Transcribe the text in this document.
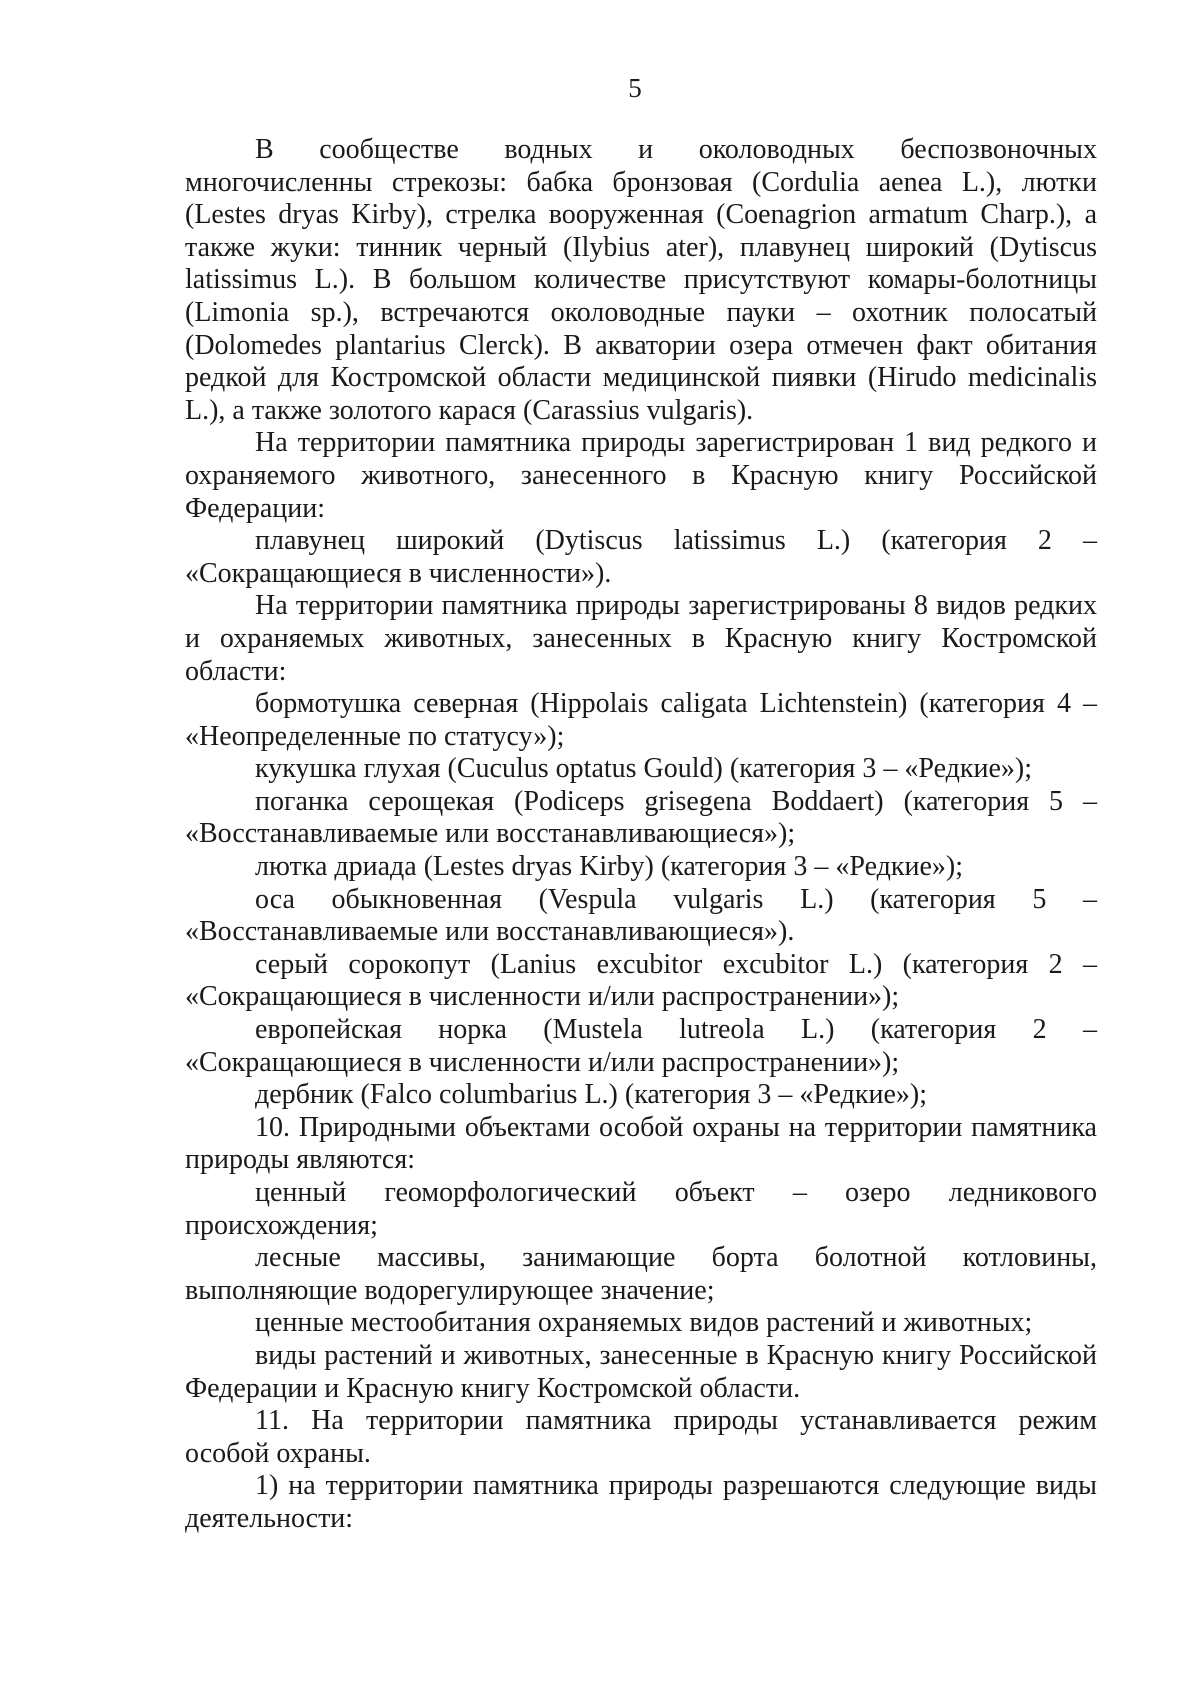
5

В сообществе водных и околоводных беспозвоночных многочисленны стрекозы: бабка бронзовая (Cordulia aenea L.), лютки (Lestes dryas Kirby), стрелка вооруженная (Coenagrion armatum Charp.), а также жуки: тинник черный (Ilybius ater), плавунец широкий (Dytiscus latissimus L.). В большом количестве присутствуют комары-болотницы (Limonia sp.), встречаются околоводные пауки – охотник полосатый (Dolomedes plantarius Clerck). В акватории озера отмечен факт обитания редкой для Костромской области медицинской пиявки (Hirudo medicinalis L.), а также золотого карася (Carassius vulgaris).

На территории памятника природы зарегистрирован 1 вид редкого и охраняемого животного, занесенного в Красную книгу Российской Федерации:

плавунец широкий (Dytiscus latissimus L.) (категория 2 – «Сокращающиеся в численности»).

На территории памятника природы зарегистрированы 8 видов редких и охраняемых животных, занесенных в Красную книгу Костромской области:

бормотушка северная (Hippolais caligata Lichtenstein) (категория 4 – «Неопределенные по статусу»);

кукушка глухая (Cuculus optatus Gould) (категория 3 – «Редкие»);

поганка серощекая (Podiceps grisegena Boddaert) (категория 5 – «Восстанавливаемые или восстанавливающиеся»);

лютка дриада (Lestes dryas Kirby) (категория 3 – «Редкие»);

оса обыкновенная (Vespula vulgaris L.) (категория 5 – «Восстанавливаемые или восстанавливающиеся»).

серый сорокопут (Lanius excubitor excubitor L.) (категория 2 – «Сокращающиеся в численности и/или распространении»);

европейская норка (Mustela lutreola L.) (категория 2 – «Сокращающиеся в численности и/или распространении»);

дербник (Falco columbarius L.) (категория 3 – «Редкие»);

10. Природными объектами особой охраны на территории памятника природы являются:

ценный геоморфологический объект – озеро ледникового происхождения;

лесные массивы, занимающие борта болотной котловины, выполняющие водорегулирующее значение;

ценные местообитания охраняемых видов растений и животных;

виды растений и животных, занесенные в Красную книгу Российской Федерации и Красную книгу Костромской области.

11. На территории памятника природы устанавливается режим особой охраны.

1) на территории памятника природы разрешаются следующие виды деятельности:
